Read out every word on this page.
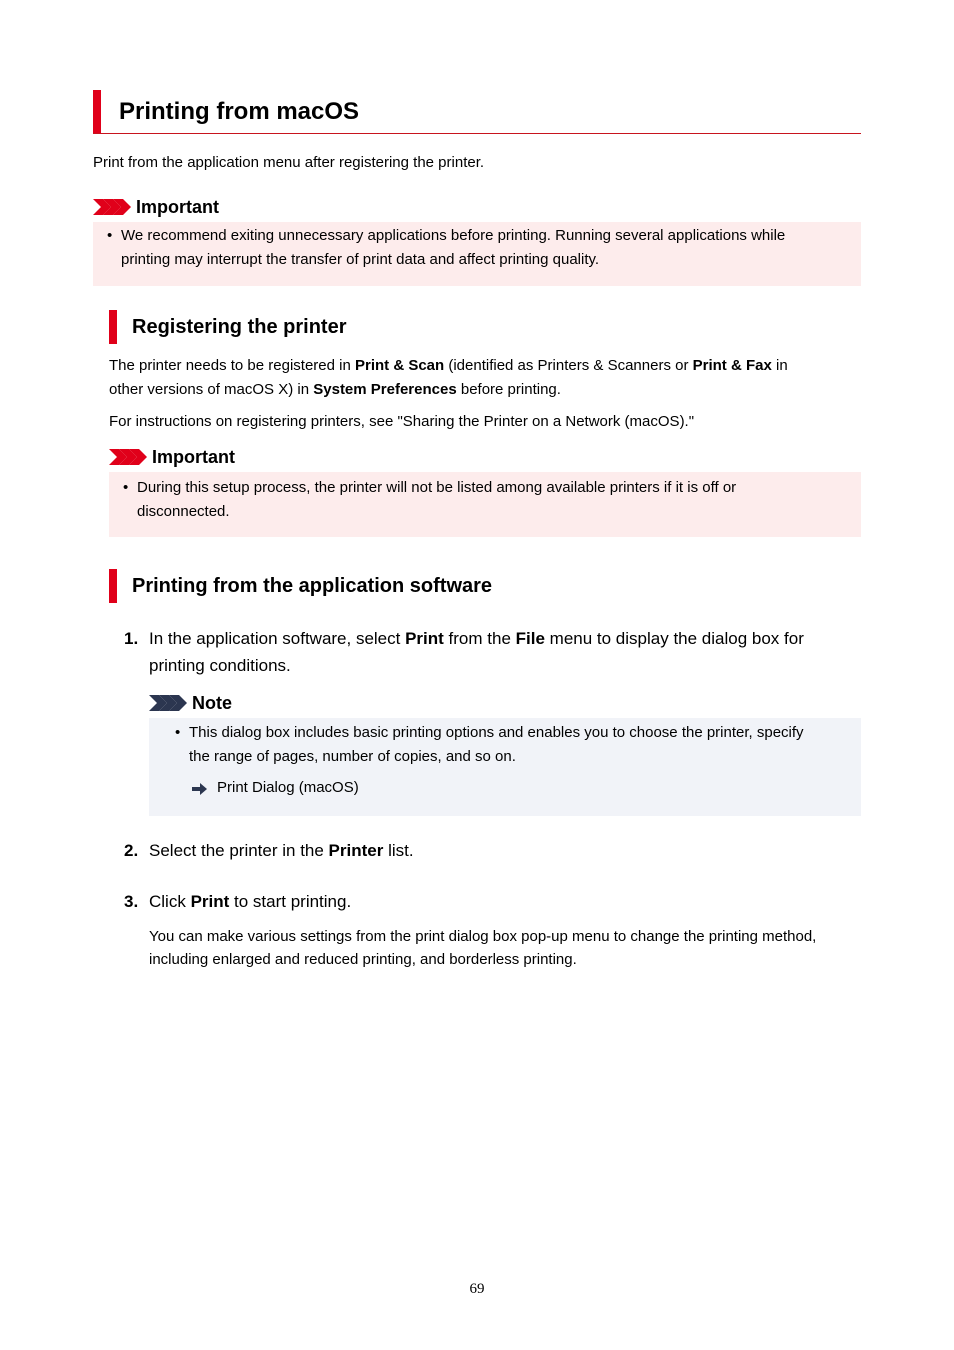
Printing from macOS
Print from the application menu after registering the printer.
Important
• We recommend exiting unnecessary applications before printing. Running several applications while
printing may interrupt the transfer of print data and affect printing quality.
Registering the printer
The printer needs to be registered in Print & Scan (identified as Printers & Scanners or Print & Fax in
other versions of macOS X) in System Preferences before printing.
For instructions on registering printers, see "Sharing the Printer on a Network (macOS)."
Important
• During this setup process, the printer will not be listed among available printers if it is off or
disconnected.
Printing from the application software
1. In the application software, select Print from the File menu to display the dialog box for
printing conditions.
Note
• This dialog box includes basic printing options and enables you to choose the printer, specify
the range of pages, number of copies, and so on.
Print Dialog (macOS)
2. Select the printer in the Printer list.
3. Click Print to start printing.
You can make various settings from the print dialog box pop-up menu to change the printing method,
including enlarged and reduced printing, and borderless printing.
69
